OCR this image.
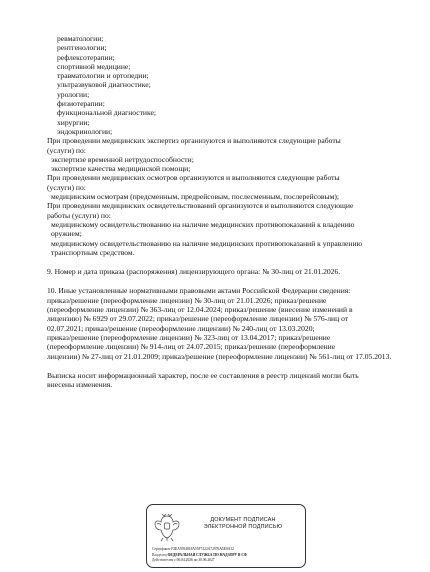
ревматологии;
рентгенологии;
рефлексотерапии;
спортивной медицине;
травматологии и ортопедии;
ультразвуковой диагностике;
урологии;
физиотерапии;
функциональной диагностике;
хирургии;
эндокринологии;
При проведении медицинских экспертиз организуются и выполняются следующие работы
(услуги) по:
экспертизе временной нетрудоспособности;
экспертизе качества медицинской помощи;
При проведении медицинских осмотров организуются и выполняются следующие работы
(услуги) по:
медицинским осмотрам (предсменным, предрейсовым, послесменным, послерейсовым);
При проведении медицинских освидетельствований организуются и выполняются следующие
работы (услуги) по:
медицинскому освидетельствованию на наличие медицинских противопоказаний к владению
оружием;
медицинскому освидетельствованию на наличие медицинских противопоказаний к управлению
транспортным средством.
9. Номер и дата приказа (распоряжения) лицензирующего органа: № 30-лиц от 21.01.2026.
10. Иные установленные нормативными правовыми актами Российской Федерации сведения:
приказ/решение (переоформление лицензии) № 30-лиц от 21.01.2026; приказ/решение
(переоформление лицензии) № 363-лиц от 12.04.2024; приказ/решение (внесение изменений в
лицензию) № 6929 от 29.07.2022; приказ/решение (переоформление лицензии) № 576-лиц от
02.07.2021; приказ/решение (переоформление лицензии) № 240-лиц от 13.03.2020;
приказ/решение (переоформление лицензии) № 323-лиц от 13.04.2017; приказ/решение
(переоформление лицензии) № 914-лиц от 24.07.2015; приказ/решение (переоформление
лицензии) № 27-лиц от 21.01.2009; приказ/решение (переоформление лицензии) № 561-лиц от 17.05.2013.
Выписка носит информационный характер, после ее составления в реестр лицензий могли быть
внесены изменения.
ДОКУМЕНТ ПОДПИСАН
ЭЛЕКТРОННОЙ ПОДПИСЬЮ
Сертификат F2EA5954818A55F7222A72976A5E0A12
Владелец ФЕДЕРАЛЬНАЯ СЛУЖБА ПО НАДЗОРУ В СФ
Действителен с 06.04.2026 по 30.06.2027
